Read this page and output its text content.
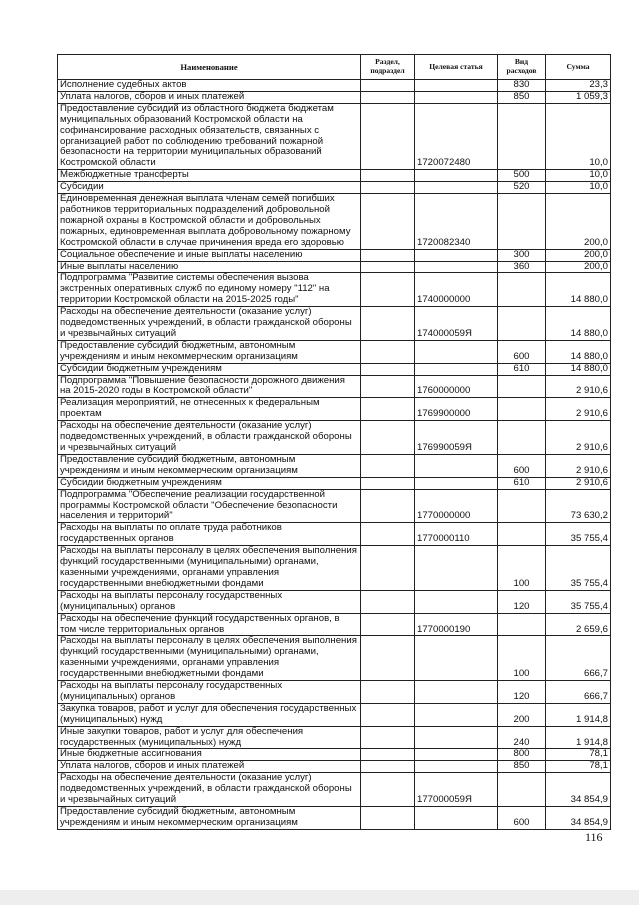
Наименование	Раздел, подраздел	Целевая статья	Вид расходов	Сумма
Исполнение судебных актов			830	23,3
Уплата налогов, сборов и иных платежей			850	1 059,3
Предоставление субсидий из областного бюджета бюджетам муниципальных образований Костромской области на софинансирование расходных обязательств, связанных с организацией работ по соблюдению требований пожарной безопасности на территории муниципальных образований Костромской области		1720072480		10,0
Межбюджетные трансферты			500	10,0
Субсидии			520	10,0
Единовременная денежная выплата членам семей погибших работников территориальных подразделений добровольной пожарной охраны в Костромской области и добровольных пожарных, единовременная выплата добровольному пожарному Костромской области в случае причинения вреда его здоровью		1720082340		200,0
Социальное обеспечение и иные выплаты населению			300	200,0
Иные выплаты населению			360	200,0
Подпрограмма "Развитие системы обеспечения вызова экстренных оперативных служб по единому номеру "112" на территории Костромской области на 2015-2025 годы"		1740000000		14 880,0
Расходы на обеспечение деятельности (оказание услуг) подведомственных учреждений, в области гражданской обороны и чрезвычайных ситуаций		174000059Я		14 880,0
Предоставление субсидий бюджетным, автономным учреждениям и иным некоммерческим организациям			600	14 880,0
Субсидии бюджетным учреждениям			610	14 880,0
Подпрограмма "Повышение безопасности дорожного движения на 2015-2020 годы в Костромской области"		1760000000		2 910,6
Реализация мероприятий, не отнесенных к федеральным проектам		1769900000		2 910,6
Расходы на обеспечение деятельности (оказание услуг) подведомственных учреждений, в области гражданской обороны и чрезвычайных ситуаций		176990059Я		2 910,6
Предоставление субсидий бюджетным, автономным учреждениям и иным некоммерческим организациям			600	2 910,6
Субсидии бюджетным учреждениям			610	2 910,6
Подпрограмма "Обеспечение реализации государственной программы Костромской области "Обеспечение безопасности населения и территорий"		1770000000		73 630,2
Расходы на выплаты по оплате труда работников государственных органов		1770000110		35 755,4
Расходы на выплаты персоналу в целях обеспечения выполнения функций государственными (муниципальными) органами, казенными учреждениями, органами управления государственными внебюджетными фондами			100	35 755,4
Расходы на выплаты персоналу государственных (муниципальных) органов			120	35 755,4
Расходы на обеспечение функций государственных органов, в том числе территориальных органов		1770000190		2 659,6
Расходы на выплаты персоналу в целях обеспечения выполнения функций государственными (муниципальными) органами, казенными учреждениями, органами управления государственными внебюджетными фондами			100	666,7
Расходы на выплаты персоналу государственных (муниципальных) органов			120	666,7
Закупка товаров, работ и услуг для обеспечения государственных (муниципальных) нужд			200	1 914,8
Иные закупки товаров, работ и услуг для обеспечения государственных (муниципальных) нужд			240	1 914,8
Иные бюджетные ассигнования			800	78,1
Уплата налогов, сборов и иных платежей			850	78,1
Расходы на обеспечение деятельности (оказание услуг) подведомственных учреждений, в области гражданской обороны и чрезвычайных ситуаций		177000059Я		34 854,9
Предоставление субсидий бюджетным, автономным учреждениям и иным некоммерческим организациям			600	34 854,9
116
